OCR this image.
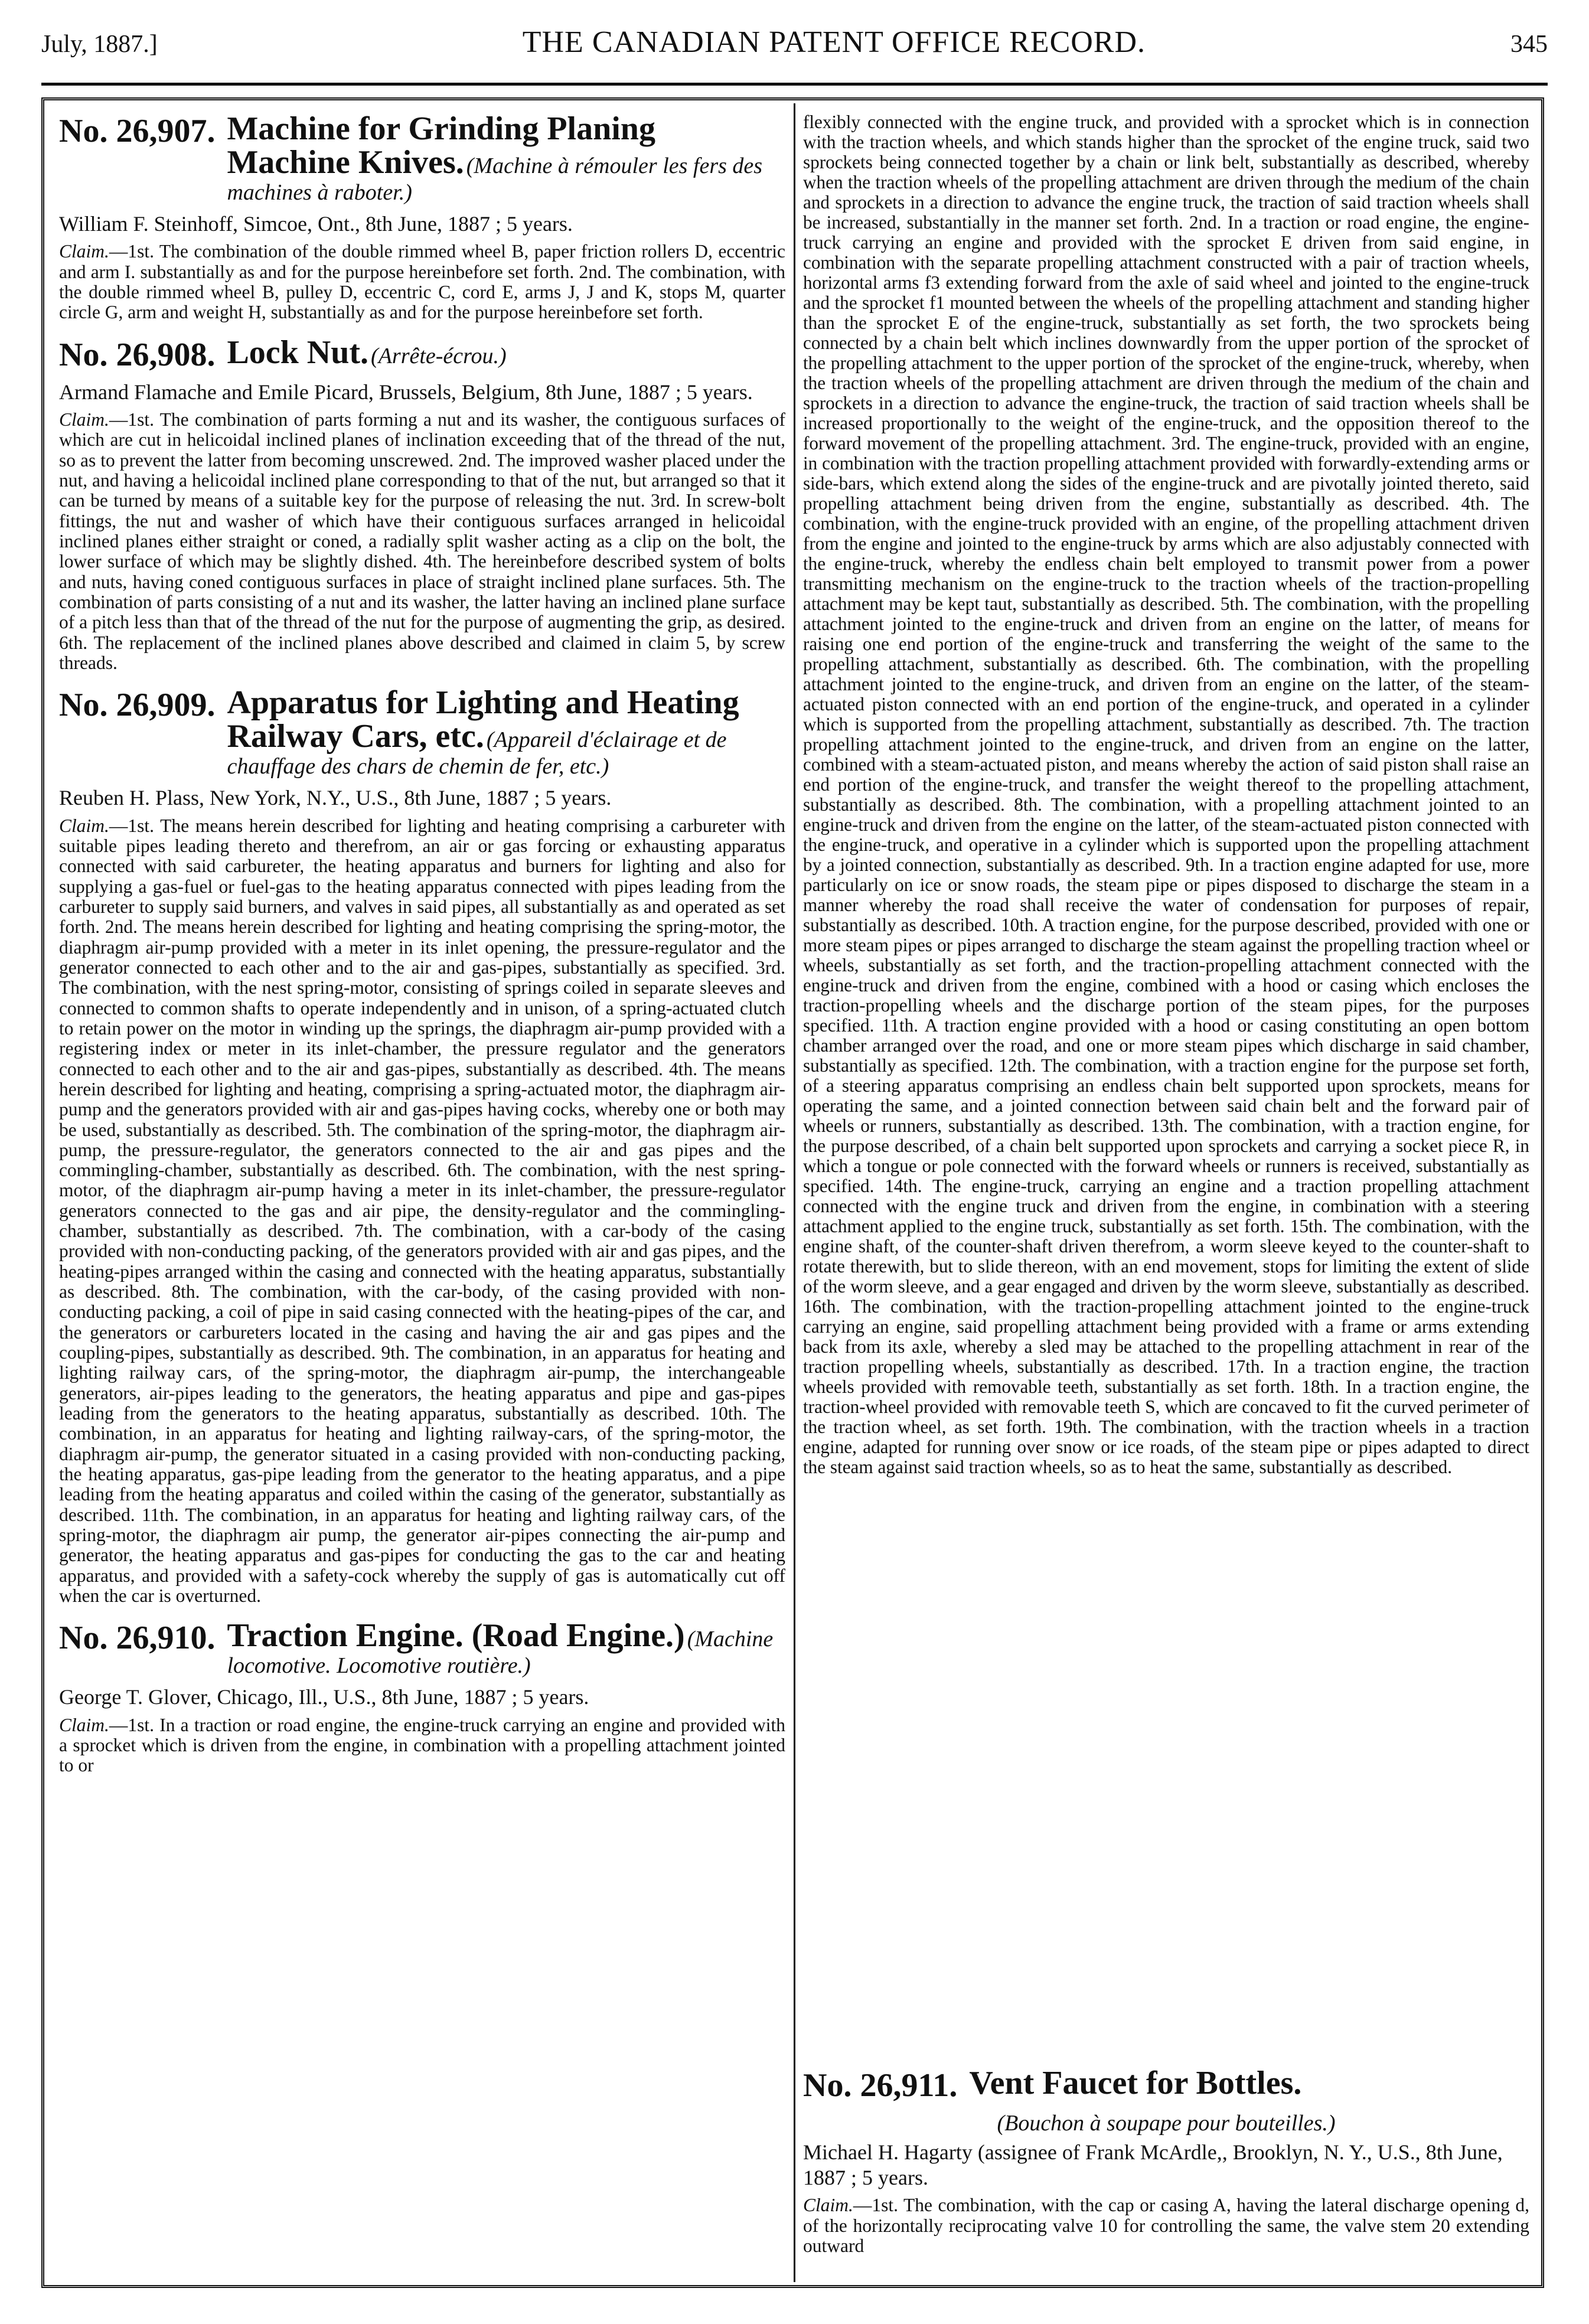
July, 1887.]	THE CANADIAN PATENT OFFICE RECORD.	345
No. 26,907. Machine for Grinding Planing Machine Knives. (Machine à rémouler les fers des machines à raboter.)
William F. Steinhoff, Simcoe, Ont., 8th June, 1887 ; 5 years.

Claim.—1st. The combination of the double rimmed wheel B, paper friction rollers D, eccentric and arm I. substantially as and for the purpose hereinbefore set forth. 2nd. The combination, with the double rimmed wheel B, pulley D, eccentric C, cord E, arms J, J and K, stops M, quarter circle G, arm and weight H, substantially as and for the purpose hereinbefore set forth.

No. 26,908. Lock Nut. (Arrête-écrou.)
Armand Flamache and Emile Picard, Brussels, Belgium, 8th June, 1887 ; 5 years.

Claim.—1st. The combination of parts forming a nut and its washer, the contiguous surfaces of which are cut in helicoidal inclined planes of inclination exceeding that of the thread of the nut, so as to prevent the latter from becoming unscrewed. 2nd. The improved washer placed under the nut, and having a helicoidal inclined plane corresponding to that of the nut, but arranged so that it can be turned by means of a suitable key for the purpose of releasing the nut. 3rd. In screw-bolt fittings, the nut and washer of which have their contiguous surfaces arranged in helicoidal inclined planes either straight or coned, a radially split washer acting as a clip on the bolt, the lower surface of which may be slightly dished. 4th. The hereinbefore described system of bolts and nuts, having coned contiguous surfaces in place of straight inclined plane surfaces. 5th. The combination of parts consisting of a nut and its washer, the latter having an inclined plane surface of a pitch less than that of the thread of the nut for the purpose of augmenting the grip, as desired. 6th. The replacement of the inclined planes above described and claimed in claim 5, by screw threads.

No. 26,909. Apparatus for Lighting and Heating Railway Cars, etc. (Appareil d'éclairage et de chauffage des chars de chemin de fer, etc.)
Reuben H. Plass, New York, N.Y., U.S., 8th June, 1887 ; 5 years.

Claim.—1st. The means herein described for lighting and heating comprising a carbureter with suitable pipes leading thereto and therefrom, an air or gas forcing or exhausting apparatus connected with said carbureter, the heating apparatus and burners for lighting and also for supplying a gas-fuel or fuel-gas to the heating apparatus connected with pipes leading from the carbureter to supply said burners, and valves in said pipes, all substantially as and operated as set forth. 2nd. The means herein described for lighting and heating comprising the spring-motor, the diaphragm air-pump provided with a meter in its inlet opening, the pressure-regulator and the generator connected to each other and to the air and gas-pipes, substantially as specified. 3rd. The combination, with the nest spring-motor, consisting of springs coiled in separate sleeves and connected to common shafts to operate independently and in unison, of a spring-actuated clutch to retain power on the motor in winding up the springs, the diaphragm air-pump provided with a registering index or meter in its inlet-chamber, the pressure regulator and the generators connected to each other and to the air and gas-pipes, substantially as described. 4th. The means herein described for lighting and heating, comprising a spring-actuated motor, the diaphragm air-pump and the generators provided with air and gas-pipes having cocks, whereby one or both may be used, substantially as described. 5th. The combination of the spring-motor, the diaphragm air-pump, the pressure-regulator, the generators connected to the air and gas pipes and the commingling-chamber, substantially as described. 6th. The combination, with the nest spring-motor, of the diaphragm air-pump having a meter in its inlet-chamber, the pressure-regulator generators connected to the gas and air pipe, the density-regulator and the commingling-chamber, substantially as described. 7th. The combination, with a car-body of the casing provided with non-conducting packing, of the generators provided with air and gas pipes, and the heating-pipes arranged within the casing and connected with the heating apparatus, substantially as described. 8th. The combination, with the car-body, of the casing provided with non-conducting packing, a coil of pipe in said casing connected with the heating-pipes of the car, and the generators or carbureters located in the casing and having the air and gas pipes and the coupling-pipes, substantially as described. 9th. The combination, in an apparatus for heating and lighting railway cars, of the spring-motor, the diaphragm air-pump, the interchangeable generators, air-pipes leading to the generators, the heating apparatus and pipe and gas-pipes leading from the generators to the heating apparatus, substantially as described. 10th. The combination, in an apparatus for heating and lighting railway-cars, of the spring-motor, the diaphragm air-pump, the generator situated in a casing provided with non-conducting packing, the heating apparatus, gas-pipe leading from the generator to the heating apparatus, and a pipe leading from the heating apparatus and coiled within the casing of the generator, substantially as described. 11th. The combination, in an apparatus for heating and lighting railway cars, of the spring-motor, the diaphragm air pump, the generator air-pipes connecting the air-pump and generator, the heating apparatus and gas-pipes for conducting the gas to the car and heating apparatus, and provided with a safety-cock whereby the supply of gas is automatically cut off when the car is overturned.

No. 26,910. Traction Engine. (Road Engine.) (Machine locomotive. Locomotive routière.)
George T. Glover, Chicago, Ill., U.S., 8th June, 1887 ; 5 years.

Claim.—1st. In a traction or road engine, the engine-truck carrying an engine and provided with a sprocket which is driven from the engine, in combination with a propelling attachment jointed to or

flexibly connected with the engine truck, and provided with a sprocket which is in connection with the traction wheels, and which stands higher than the sprocket of the engine truck, said two sprockets being connected together by a chain or link belt, substantially as described, whereby when the traction wheels of the propelling attachment are driven through the medium of the chain and sprockets in a direction to advance the engine truck, the traction of said traction wheels shall be increased, substantially in the manner set forth. 2nd. In a traction or road engine, the engine-truck carrying an engine and provided with the sprocket E driven from said engine, in combination with the separate propelling attachment constructed with a pair of traction wheels, horizontal arms f3 extending forward from the axle of said wheel and jointed to the engine-truck and the sprocket f1 mounted between the wheels of the propelling attachment and standing higher than the sprocket E of the engine-truck, substantially as set forth, the two sprockets being connected by a chain belt which inclines downwardly from the upper portion of the sprocket of the propelling attachment to the upper portion of the sprocket of the engine-truck, whereby, when the traction wheels of the propelling attachment are driven through the medium of the chain and sprockets in a direction to advance the engine-truck, the traction of said traction wheels shall be increased proportionally to the weight of the engine-truck, and the opposition thereof to the forward movement of the propelling attachment. 3rd. The engine-truck, provided with an engine, in combination with the traction propelling attachment provided with forwardly-extending arms or side-bars, which extend along the sides of the engine-truck and are pivotally jointed thereto, said propelling attachment being driven from the engine, substantially as described. 4th. The combination, with the engine-truck provided with an engine, of the propelling attachment driven from the engine and jointed to the engine-truck by arms which are also adjustably connected with the engine-truck, whereby the endless chain belt employed to transmit power from a power transmitting mechanism on the engine-truck to the traction wheels of the traction-propelling attachment may be kept taut, substantially as described. 5th. The combination, with the propelling attachment jointed to the engine-truck and driven from an engine on the latter, of means for raising one end portion of the engine-truck and transferring the weight of the same to the propelling attachment, substantially as described. 6th. The combination, with the propelling attachment jointed to the engine-truck, and driven from an engine on the latter, of the steam-actuated piston connected with an end portion of the engine-truck, and operated in a cylinder which is supported from the propelling attachment, substantially as described. 7th. The traction propelling attachment jointed to the engine-truck, and driven from an engine on the latter, combined with a steam-actuated piston, and means whereby the action of said piston shall raise an end portion of the engine-truck, and transfer the weight thereof to the propelling attachment, substantially as described. 8th. The combination, with a propelling attachment jointed to an engine-truck and driven from the engine on the latter, of the steam-actuated piston connected with the engine-truck, and operative in a cylinder which is supported upon the propelling attachment by a jointed connection, substantially as described. 9th. In a traction engine adapted for use, more particularly on ice or snow roads, the steam pipe or pipes disposed to discharge the steam in a manner whereby the road shall receive the water of condensation for purposes of repair, substantially as described. 10th. A traction engine, for the purpose described, provided with one or more steam pipes or pipes arranged to discharge the steam against the propelling traction wheel or wheels, substantially as set forth, and the traction-propelling attachment connected with the engine-truck and driven from the engine, combined with a hood or casing which encloses the traction-propelling wheels and the discharge portion of the steam pipes, for the purposes specified. 11th. A traction engine provided with a hood or casing constituting an open bottom chamber arranged over the road, and one or more steam pipes which discharge in said chamber, substantially as specified. 12th. The combination, with a traction engine for the purpose set forth, of a steering apparatus comprising an endless chain belt supported upon sprockets, means for operating the same, and a jointed connection between said chain belt and the forward pair of wheels or runners, substantially as described. 13th. The combination, with a traction engine, for the purpose described, of a chain belt supported upon sprockets and carrying a socket piece R, in which a tongue or pole connected with the forward wheels or runners is received, substantially as specified. 14th. The engine-truck, carrying an engine and a traction propelling attachment connected with the engine truck and driven from the engine, in combination with a steering attachment applied to the engine truck, substantially as set forth. 15th. The combination, with the engine shaft, of the counter-shaft driven therefrom, a worm sleeve keyed to the counter-shaft to rotate therewith, but to slide thereon, with an end movement, stops for limiting the extent of slide of the worm sleeve, and a gear engaged and driven by the worm sleeve, substantially as described. 16th. The combination, with the traction-propelling attachment jointed to the engine-truck carrying an engine, said propelling attachment being provided with a frame or arms extending back from its axle, whereby a sled may be attached to the propelling attachment in rear of the traction propelling wheels, substantially as described. 17th. In a traction engine, the traction wheels provided with removable teeth, substantially as set forth. 18th. In a traction engine, the traction-wheel provided with removable teeth S, which are concaved to fit the curved perimeter of the traction wheel, as set forth. 19th. The combination, with the traction wheels in a traction engine, adapted for running over snow or ice roads, of the steam pipe or pipes adapted to direct the steam against said traction wheels, so as to heat the same, substantially as described.

No. 26,911. Vent Faucet for Bottles.
(Bouchon à soupape pour bouteilles.)
Michael H. Hagarty (assignee of Frank McArdle,, Brooklyn, N. Y., U.S., 8th June, 1887 ; 5 years.

Claim.—1st. The combination, with the cap or casing A, having the lateral discharge opening d, of the horizontally reciprocating valve 10 for controlling the same, the valve stem 20 extending outward
